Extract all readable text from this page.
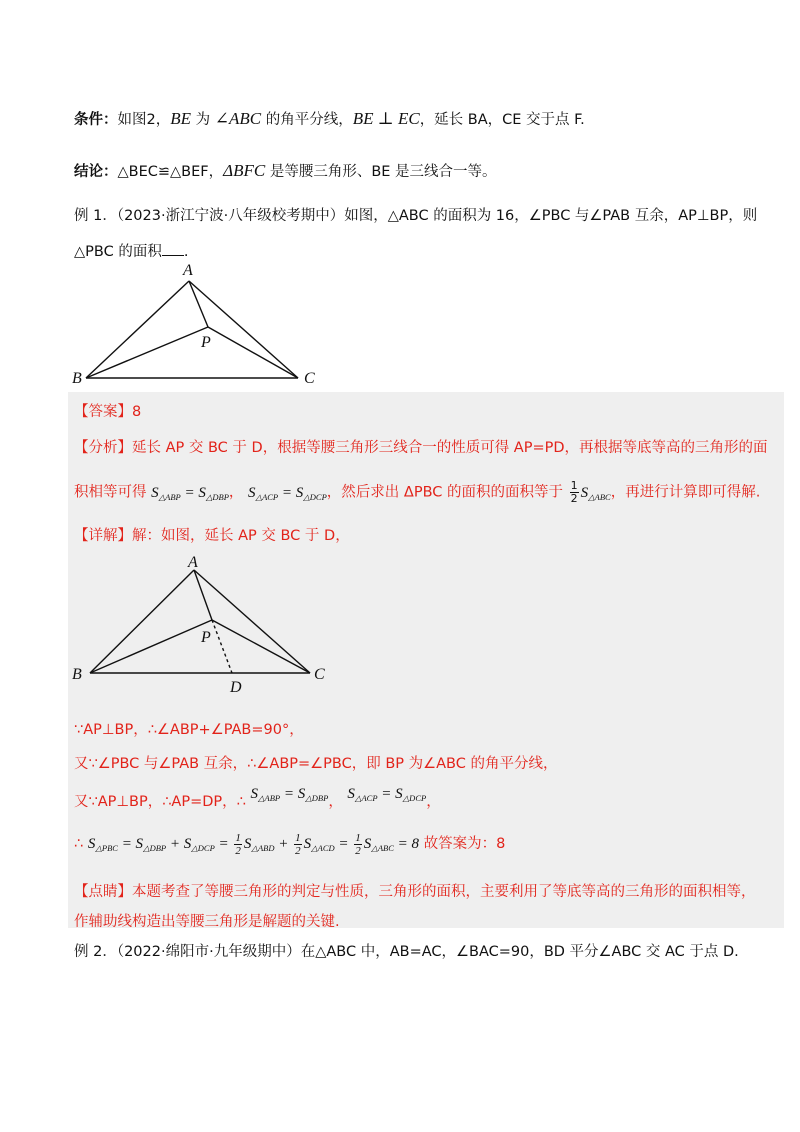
条件：如图2，BE 为 ∠ABC 的角平分线，BE ⊥ EC，延长 BA，CE 交于点 F.
结论：△BEC≌△BEF，ΔBFC 是等腰三角形、BE 是三线合一等。
例 1．（2023·浙江宁波·八年级校考期中）如图，△ABC 的面积为 16，∠PBC 与∠PAB 互余，AP⊥BP，则
△PBC 的面积 .
A
B	C
P
【答案】8
【分析】延长 AP 交 BC 于 D，根据等腰三角形三线合一的性质可得 AP=PD，再根据等底等高的三角形的面
积相等可得 $S_{\triangle ABP} = S_{\triangle DBP}$， $S_{\triangle ACP} = S_{\triangle DCP}$，然后求出 ΔPBC 的面积的面积等于 $\frac{1}{2} S_{\triangle ABC}$，再进行计算即可得解.
【详解】解：如图，延长 AP 交 BC 于 D，
A
B	C
P
D
∵AP⊥BP，∴∠ABP+∠PAB=90°，
又∵∠PBC 与∠PAB 互余，∴∠ABP=∠PBC，即 BP 为∠ABC 的角平分线，
又∵AP⊥BP，∴AP=DP，∴ $S_{\triangle ABP} = S_{\triangle DBP}$， $S_{\triangle ACP} = S_{\triangle DCP}$，
∴ $S_{\triangle PBC} = S_{\triangle DBP} + S_{\triangle DCP} = \frac{1}{2} S_{\triangle ABD} + \frac{1}{2} S_{\triangle ACD} = \frac{1}{2} S_{\triangle ABC} = 8$ 故答案为：8
【点睛】本题考查了等腰三角形的判定与性质，三角形的面积，主要利用了等底等高的三角形的面积相等，
作辅助线构造出等腰三角形是解题的关键.
例 2．（2022·绵阳市·九年级期中）在△ABC 中，AB=AC，∠BAC=90，BD 平分∠ABC 交 AC 于点 D.
